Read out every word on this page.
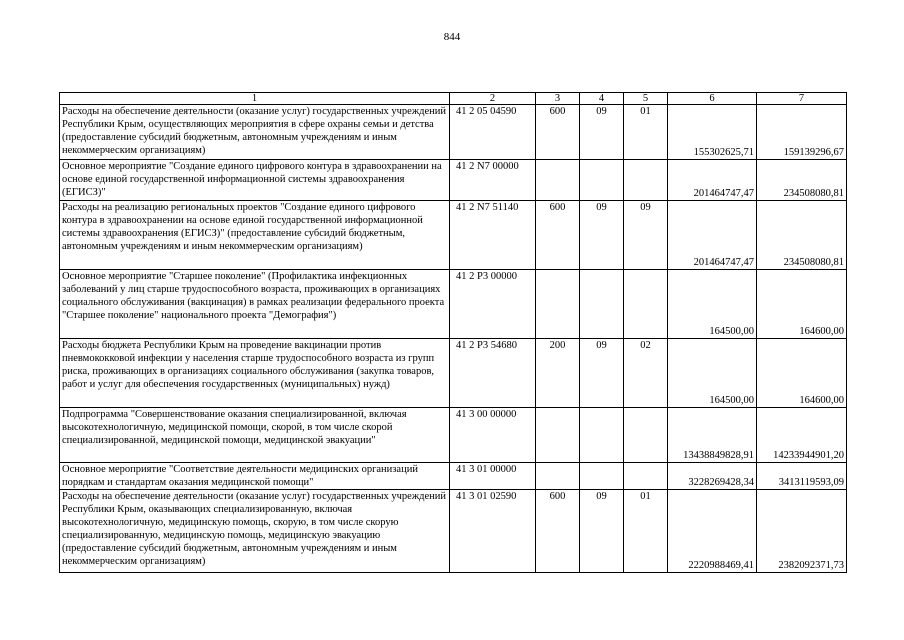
844
1	2	3	4	5	6	7
Расходы на обеспечение деятельности (оказание услуг) государственных учреждений Республики Крым, осуществляющих мероприятия в сфере охраны семьи и детства (предоставление субсидий бюджетным, автономным учреждениям и иным некоммерческим организациям)	41 2 05 04590	600	09	01	155302625,71	159139296,67
Основное мероприятие "Создание единого цифрового контура в здравоохранении на основе единой государственной информационной системы здравоохранения (ЕГИСЗ)"	41 2 N7 00000				201464747,47	234508080,81
Расходы на реализацию региональных проектов "Создание единого цифрового контура в здравоохранении на основе единой государственной информационной системы здравоохранения (ЕГИСЗ)" (предоставление субсидий бюджетным, автономным учреждениям и иным некоммерческим организациям)	41 2 N7 51140	600	09	09	201464747,47	234508080,81
Основное мероприятие "Старшее поколение" (Профилактика инфекционных заболеваний у лиц старше трудоспособного возраста, проживающих в организациях социального обслуживания (вакцинация) в рамках реализации федерального проекта "Старшее поколение" национального проекта "Демография")	41 2 P3 00000				164500,00	164600,00
Расходы бюджета Республики Крым на проведение вакцинации против пневмококковой инфекции у населения старше трудоспособного возраста из групп риска, проживающих в организациях социального обслуживания (закупка товаров, работ и услуг для обеспечения государственных (муниципальных) нужд)	41 2 P3 54680	200	09	02	164500,00	164600,00
Подпрограмма "Совершенствование оказания специализированной, включая высокотехнологичную, медицинской помощи, скорой, в том числе скорой специализированной, медицинской помощи, медицинской эвакуации"	41 3 00 00000				13438849828,91	14233944901,20
Основное мероприятие "Соответствие деятельности медицинских организаций порядкам и стандартам оказания медицинской помощи"	41 3 01 00000				3228269428,34	3413119593,09
Расходы на обеспечение деятельности (оказание услуг) государственных учреждений Республики Крым, оказывающих специализированную, включая высокотехнологичную, медицинскую помощь, скорую, в том числе скорую специализированную, медицинскую помощь, медицинскую эвакуацию (предоставление субсидий бюджетным, автономным учреждениям и иным некоммерческим организациям)	41 3 01 02590	600	09	01	2220988469,41	2382092371,73
